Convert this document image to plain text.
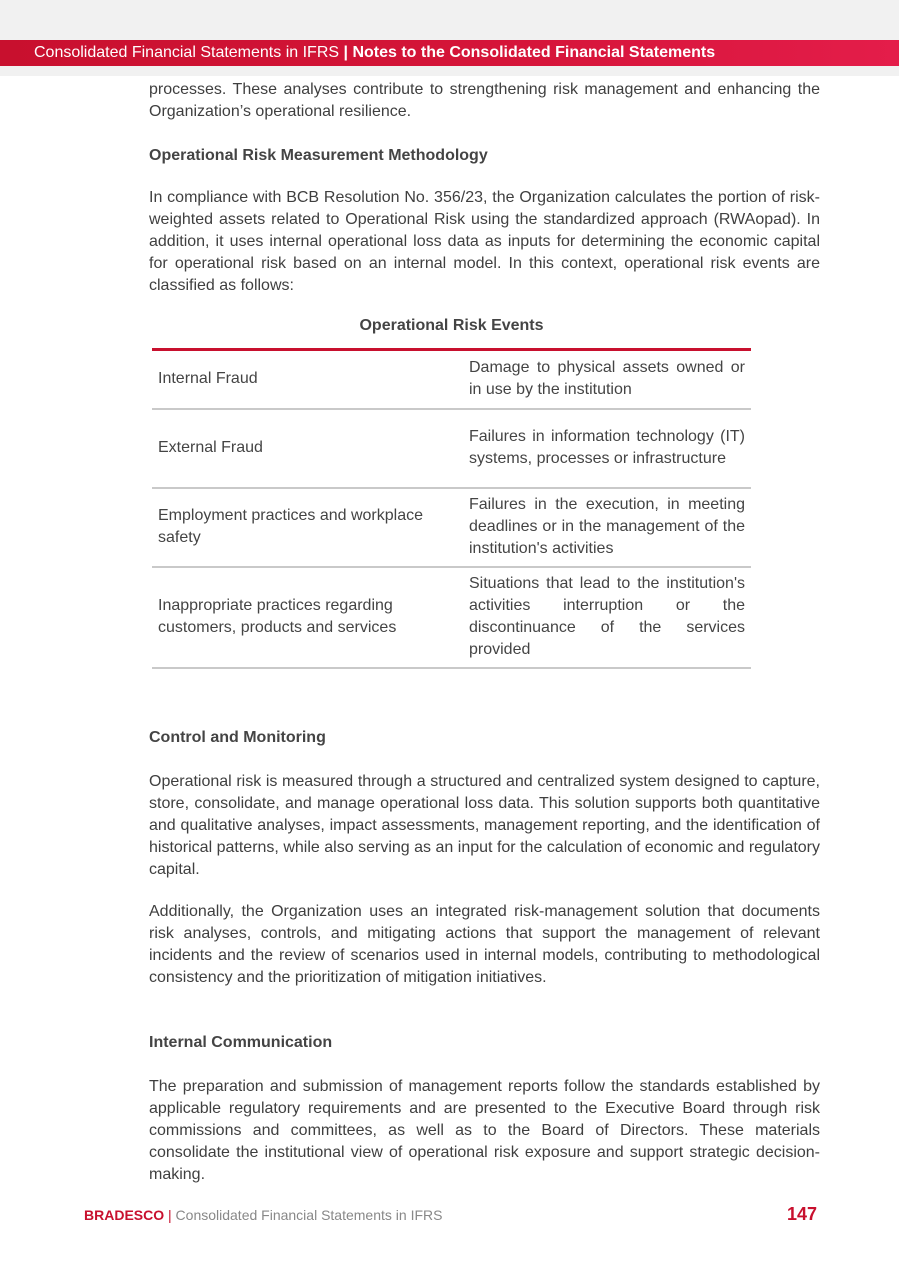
Consolidated Financial Statements in IFRS | Notes to the Consolidated Financial Statements

processes. These analyses contribute to strengthening risk management and enhancing the Organization’s operational resilience.

Operational Risk Measurement Methodology

In compliance with BCB Resolution No. 356/23, the Organization calculates the portion of risk-weighted assets related to Operational Risk using the standardized approach (RWAopad). In addition, it uses internal operational loss data as inputs for determining the economic capital for operational risk based on an internal model. In this context, operational risk events are classified as follows:

Operational Risk Events
Internal Fraud	Damage to physical assets owned or in use by the institution
External Fraud	Failures in information technology (IT) systems, processes or infrastructure
Employment practices and workplace safety	Failures in the execution, in meeting deadlines or in the management of the institution's activities
Inappropriate practices regarding customers, products and services	Situations that lead to the institution's activities interruption or the discontinuance of the services provided
Control and Monitoring

Operational risk is measured through a structured and centralized system designed to capture, store, consolidate, and manage operational loss data. This solution supports both quantitative and qualitative analyses, impact assessments, management reporting, and the identification of historical patterns, while also serving as an input for the calculation of economic and regulatory capital.

Additionally, the Organization uses an integrated risk-management solution that documents risk analyses, controls, and mitigating actions that support the management of relevant incidents and the review of scenarios used in internal models, contributing to methodological consistency and the prioritization of mitigation initiatives.

Internal Communication

The preparation and submission of management reports follow the standards established by applicable regulatory requirements and are presented to the Executive Board through risk commissions and committees, as well as to the Board of Directors. These materials consolidate the institutional view of operational risk exposure and support strategic decision-making.

BRADESCO | Consolidated Financial Statements in IFRS	147
